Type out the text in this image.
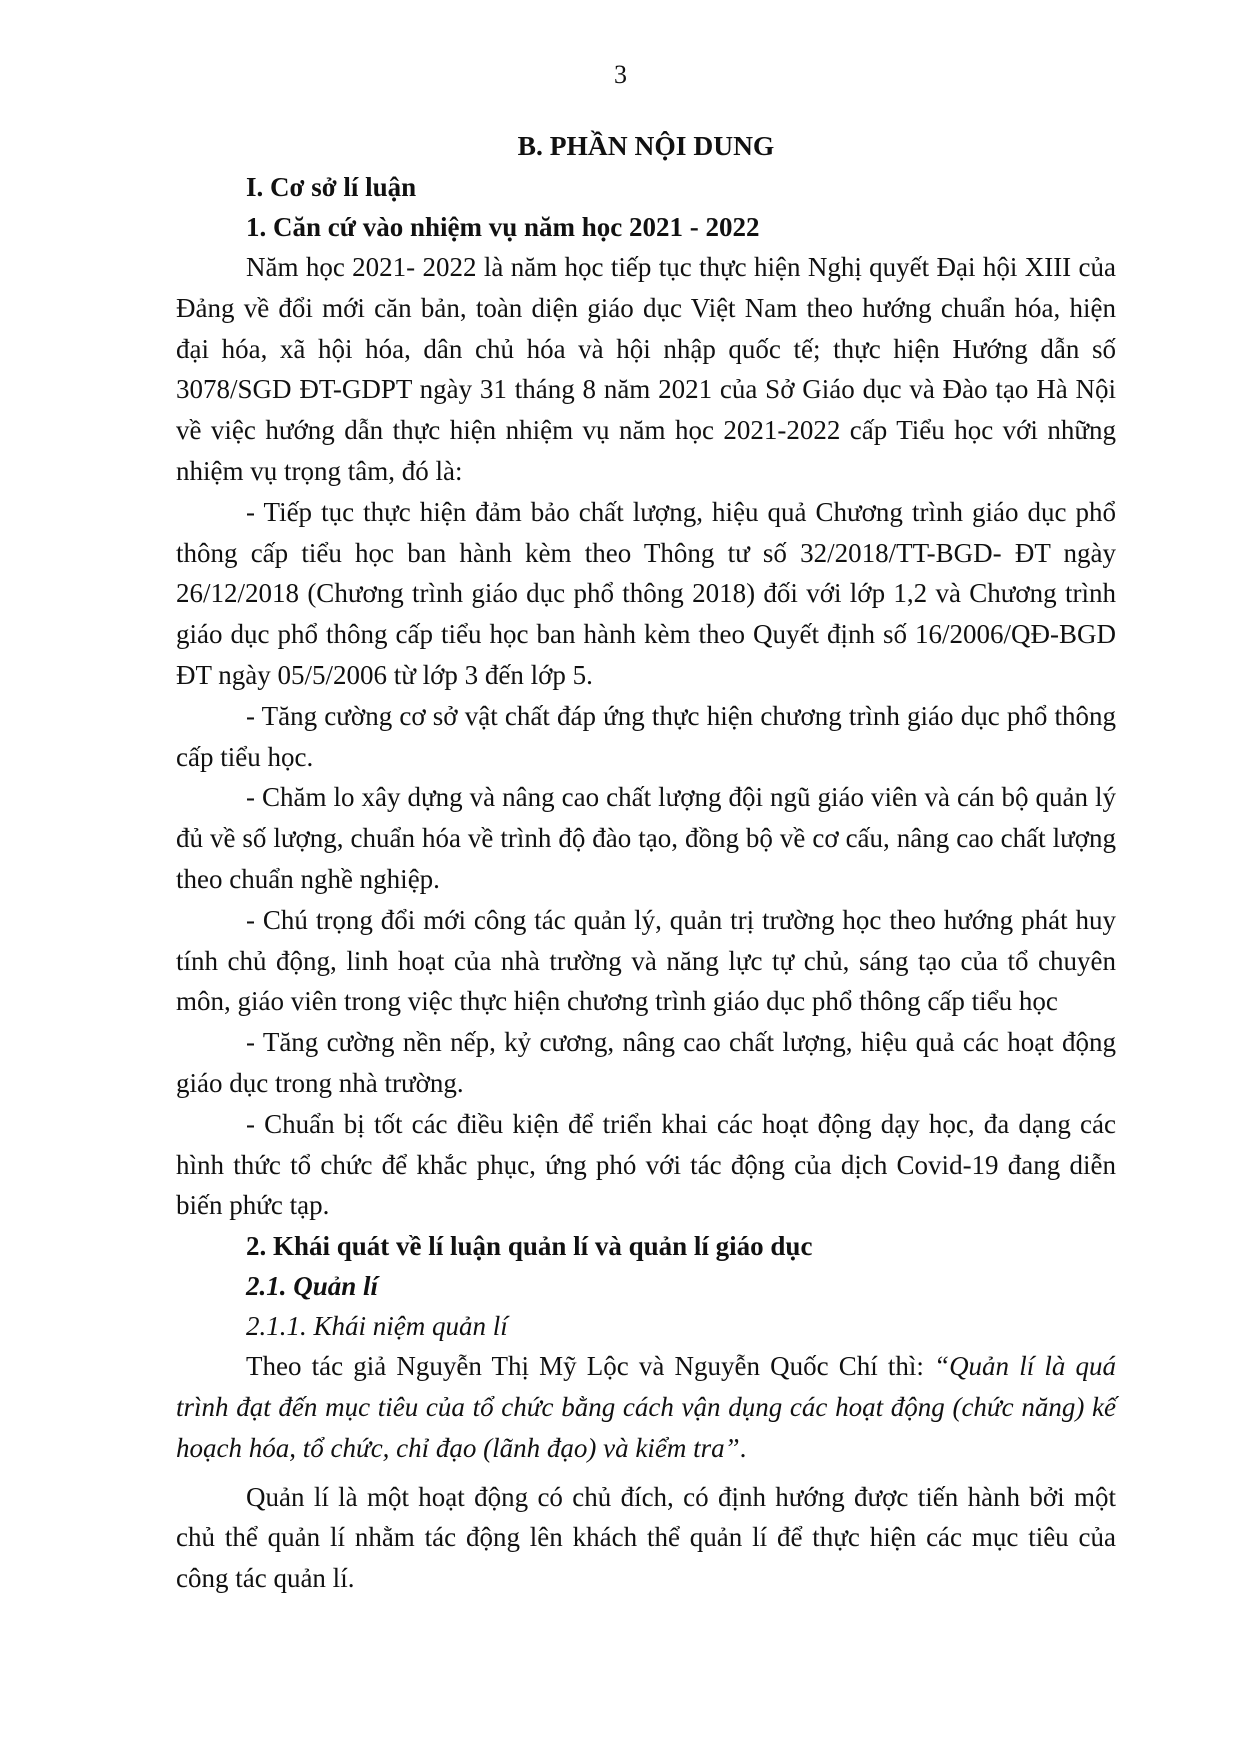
3
B. PHẦN NỘI DUNG
I. Cơ sở lí luận
1. Căn cứ vào nhiệm vụ năm học 2021 - 2022

Năm học 2021- 2022 là năm học tiếp tục thực hiện Nghị quyết Đại hội XIII của Đảng về đổi mới căn bản, toàn diện giáo dục Việt Nam theo hướng chuẩn hóa, hiện đại hóa, xã hội hóa, dân chủ hóa và hội nhập quốc tế; thực hiện Hướng dẫn số 3078/SGD ĐT-GDPT ngày 31 tháng 8 năm 2021 của Sở Giáo dục và Đào tạo Hà Nội về việc hướng dẫn thực hiện nhiệm vụ năm học 2021-2022 cấp Tiểu học với những nhiệm vụ trọng tâm, đó là:

- Tiếp tục thực hiện đảm bảo chất lượng, hiệu quả Chương trình giáo dục phổ thông cấp tiểu học ban hành kèm theo Thông tư số 32/2018/TT-BGD- ĐT ngày 26/12/2018 (Chương trình giáo dục phổ thông 2018) đối với lớp 1,2 và Chương trình giáo dục phổ thông cấp tiểu học ban hành kèm theo Quyết định số 16/2006/QĐ-BGD ĐT ngày 05/5/2006 từ lớp 3 đến lớp 5.

- Tăng cường cơ sở vật chất đáp ứng thực hiện chương trình giáo dục phổ thông cấp tiểu học.

- Chăm lo xây dựng và nâng cao chất lượng đội ngũ giáo viên và cán bộ quản lý đủ về số lượng, chuẩn hóa về trình độ đào tạo, đồng bộ về cơ cấu, nâng cao chất lượng theo chuẩn nghề nghiệp.

- Chú trọng đổi mới công tác quản lý, quản trị trường học theo hướng phát huy tính chủ động, linh hoạt của nhà trường và năng lực tự chủ, sáng tạo của tổ chuyên môn, giáo viên trong việc thực hiện chương trình giáo dục phổ thông cấp tiểu học

- Tăng cường nền nếp, kỷ cương, nâng cao chất lượng, hiệu quả các hoạt động giáo dục trong nhà trường.

- Chuẩn bị tốt các điều kiện để triển khai các hoạt động dạy học, đa dạng các hình thức tổ chức để khắc phục, ứng phó với tác động của dịch Covid-19 đang diễn biến phức tạp.

2. Khái quát về lí luận quản lí và quản lí giáo dục
2.1. Quản lí
2.1.1. Khái niệm quản lí

Theo tác giả Nguyễn Thị Mỹ Lộc và Nguyễn Quốc Chí thì: “Quản lí là quá trình đạt đến mục tiêu của tổ chức bằng cách vận dụng các hoạt động (chức năng) kế hoạch hóa, tổ chức, chỉ đạo (lãnh đạo) và kiểm tra”.

Quản lí là một hoạt động có chủ đích, có định hướng được tiến hành bởi một chủ thể quản lí nhằm tác động lên khách thể quản lí để thực hiện các mục tiêu của công tác quản lí.
